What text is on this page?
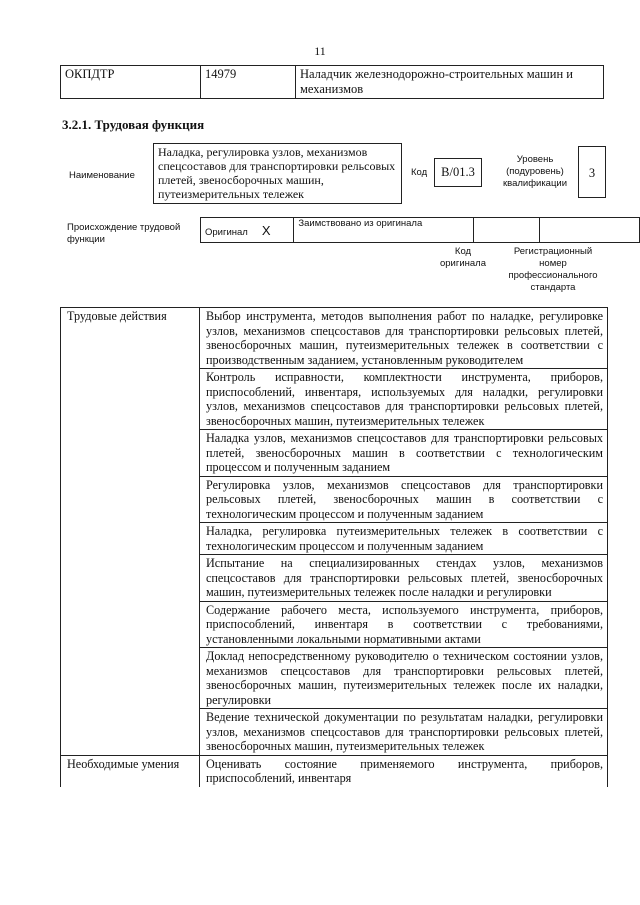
11
ОКПДТР	14979	Наладчик железнодорожно-строительных машин и механизмов
3.2.1. Трудовая функция
Наименование
Наладка, регулировка узлов, механизмов спецсоставов для транспортировки рельсовых плетей, звеносборочных машин, путеизмерительных тележек
Код	B/01.3
Уровень (подуровень) квалификации
3
Происхождение трудовой функции
Оригинал X	Заимствовано из оригинала		
Код оригинала
Регистрационный номер профессионального стандарта
Трудовые действия	Выбор инструмента, методов выполнения работ по наладке, регулировке узлов, механизмов спецсоставов для транспортировки рельсовых плетей, звеносборочных машин, путеизмерительных тележек в соответствии с производственным заданием, установленным руководителем
	Контроль исправности, комплектности инструмента, приборов, приспособлений, инвентаря, используемых для наладки, регулировки узлов, механизмов спецсоставов для транспортировки рельсовых плетей, звеносборочных машин, путеизмерительных тележек
	Наладка узлов, механизмов спецсоставов для транспортировки рельсовых плетей, звеносборочных машин в соответствии с технологическим процессом и полученным заданием
	Регулировка узлов, механизмов спецсоставов для транспортировки рельсовых плетей, звеносборочных машин в соответствии с технологическим процессом и полученным заданием
	Наладка, регулировка путеизмерительных тележек в соответствии с технологическим процессом и полученным заданием
	Испытание на специализированных стендах узлов, механизмов спецсоставов для транспортировки рельсовых плетей, звеносборочных машин, путеизмерительных тележек после наладки и регулировки
	Содержание рабочего места, используемого инструмента, приборов, приспособлений, инвентаря в соответствии с требованиями, установленными локальными нормативными актами
	Доклад непосредственному руководителю о техническом состоянии узлов, механизмов спецсоставов для транспортировки рельсовых плетей, звеносборочных машин, путеизмерительных тележек после их наладки, регулировки
	Ведение технической документации по результатам наладки, регулировки узлов, механизмов спецсоставов для транспортировки рельсовых плетей, звеносборочных машин, путеизмерительных тележек
Необходимые умения	Оценивать состояние применяемого инструмента, приборов, приспособлений, инвентаря
